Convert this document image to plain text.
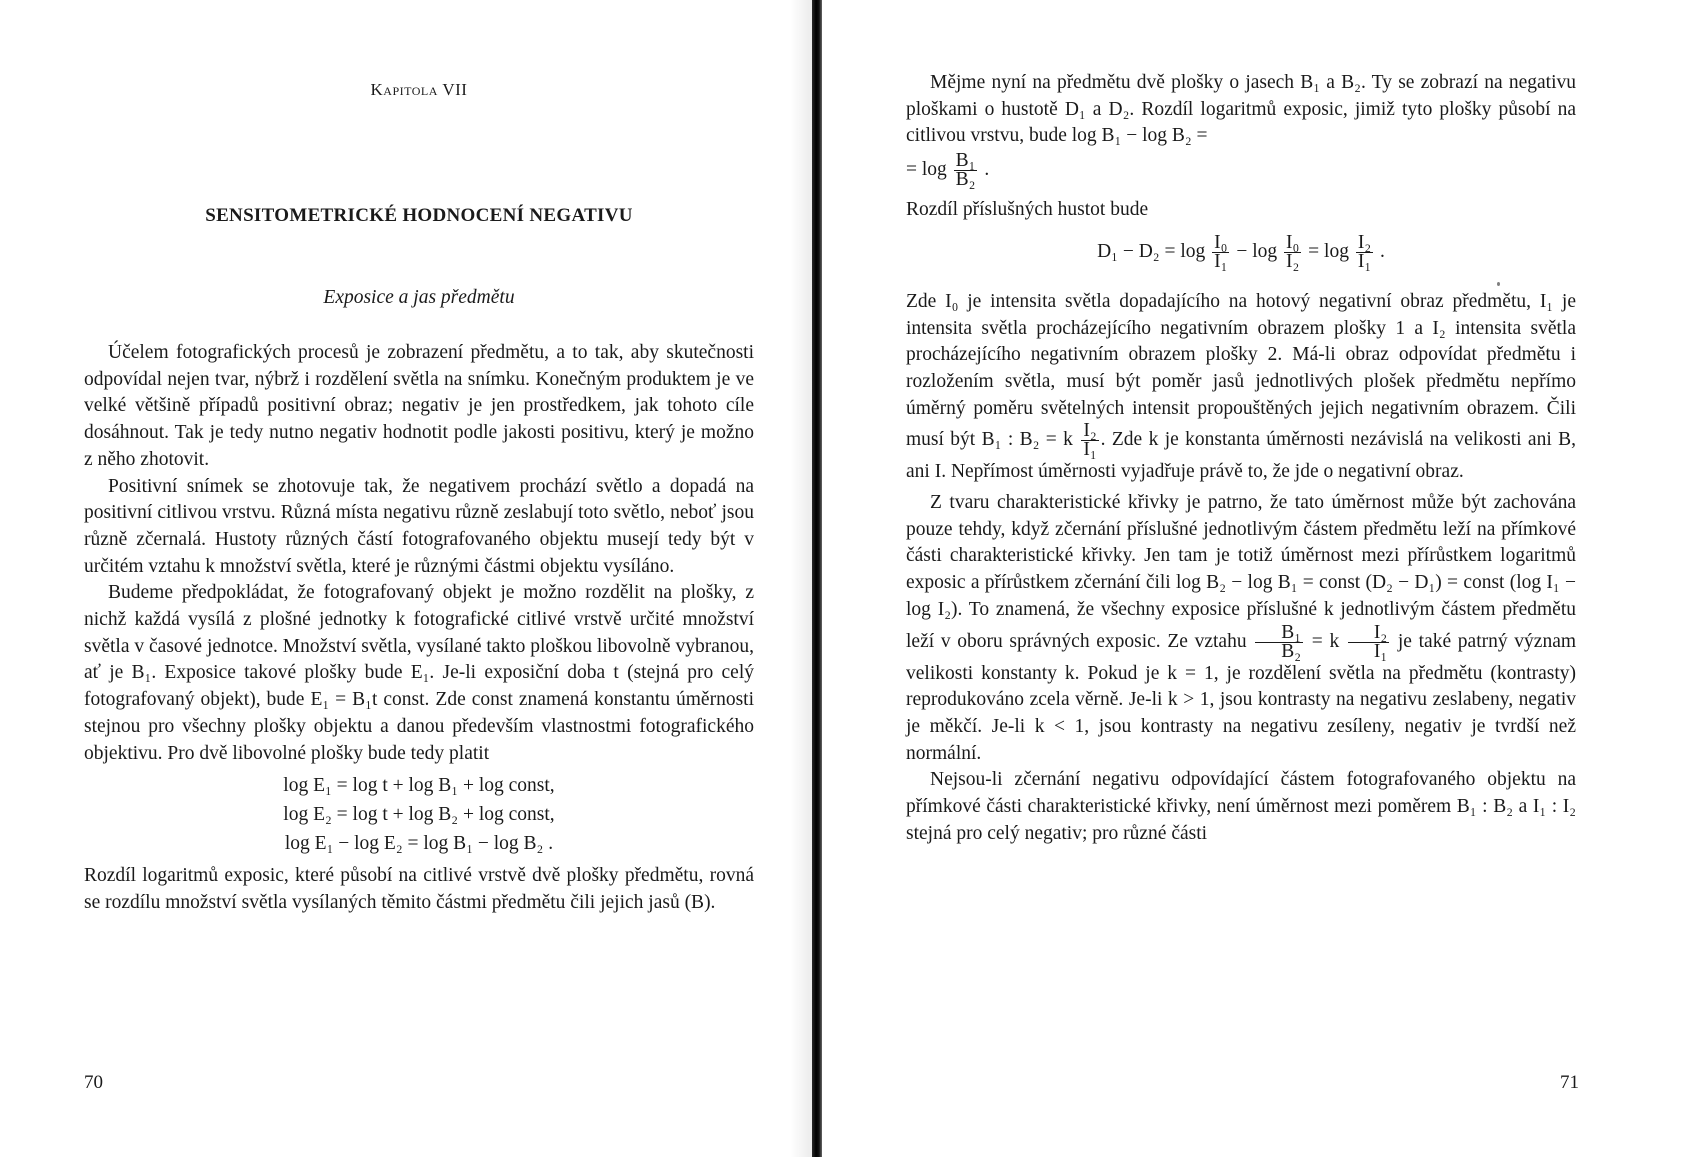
Kapitola VII
SENSITOMETRICKÉ HODNOCENÍ NEGATIVU
Exposice a jas předmětu

Účelem fotografických procesů je zobrazení předmětu, a to tak, aby skutečnosti odpovídal nejen tvar, nýbrž i rozdělení světla na snímku. Konečným produktem je ve velké většině případů positivní obraz; negativ je jen prostředkem, jak tohoto cíle dosáhnout. Tak je tedy nutno negativ hodnotit podle jakosti positivu, který je možno z něho zhotovit.

Positivní snímek se zhotovuje tak, že negativem prochází světlo a dopadá na positivní citlivou vrstvu. Různá místa negativu různě zeslabují toto světlo, neboť jsou různě zčernalá. Hustoty různých částí fotografovaného objektu musejí tedy být v určitém vztahu k množství světla, které je různými částmi objektu vysíláno.

Budeme předpokládat, že fotografovaný objekt je možno rozdělit na plošky, z nichž každá vysílá z plošné jednotky k fotografické citlivé vrstvě určité množství světla v časové jednotce. Množství světla, vysílané takto ploškou libovolně vybranou, ať je B₁. Exposice takové plošky bude E₁. Je-li exposiční doba t (stejná pro celý fotografovaný objekt), bude E₁ = B₁t const. Zde const znamená konstantu úměrnosti stejnou pro všechny plošky objektu a danou především vlastnostmi fotografického objektivu. Pro dvě libovolné plošky bude tedy platit

log E₁ = log t + log B₁ + log const,

log E₂ = log t + log B₂ + log const,

log E₁ − log E₂ = log B₁ − log B₂ .

Rozdíl logaritmů exposic, které působí na citlivé vrstvě dvě plošky předmětu, rovná se rozdílu množství světla vysílaných těmito částmi předmětu čili jejich jasů (B).

70

Mějme nyní na předmětu dvě plošky o jasech B₁ a B₂. Ty se zobrazí na negativu ploškami o hustotě D₁ a D₂. Rozdíl logaritmů exposic, jimiž tyto plošky působí na citlivou vrstvu, bude log B₁ − log B₂ =

= $\log \frac{\text{B₁}}{\text{B₂}}$ .

Rozdíl příslušných hustot bude

$D_1 - D_2 = \log \frac{\text{I₀}}{\text{I₁}} - \log \frac{\text{I₀}}{\text{I₂}} = \log \frac{\text{I₂}}{\text{I₁}}$ .

Zde I₀ je intensita světla dopadajícího na hotový negativní obraz předmětu, I₁ je intensita světla procházejícího negativním obrazem plošky 1 a I₂ intensita světla procházejícího negativním obrazem plošky 2. Má-li obraz odpovídat předmětu i rozložením světla, musí být poměr jasů jednotlivých plošek předmětu nepřímo úměrný poměru světelných intensit propouštěných jejich negativním obrazem. Čili musí být B₁ : B₂ = k $\frac{\text{I₂}}{\text{I₁}}$ . Zde k je konstanta úměrnosti nezávislá na velikosti ani B, ani I. Nepřímost úměrnosti vyjadřuje právě to, že jde o negativní obraz.

Z tvaru charakteristické křivky je patrno, že tato úměrnost může být zachována pouze tehdy, když zčernání příslušné jednotlivým částem předmětu leží na přímkové části charakteristické křivky. Jen tam je totiž úměrnost mezi přírůstkem logaritmů exposic a přírůstkem zčernání čili log B₂ − log B₁ = const (D₂ − D₁) = const (log I₁ − log I₂). To znamená, že všechny exposice příslušné k jednotlivým částem předmětu leží v oboru správných exposic. Ze vztahu $\frac{\text{B₁}}{\text{B₂}} = k \frac{\text{I₂}}{\text{I₁}}$ je také patrný význam velikosti konstanty k. Pokud je k = 1, je rozdělení světla na předmětu (kontrasty) reprodukováno zcela věrně. Je-li k > 1, jsou kontrasty na negativu zeslabeny, negativ je měkčí. Je-li k < 1, jsou kontrasty na negativu zesíleny, negativ je tvrdší než normální.

Nejsou-li zčernání negativu odpovídající částem fotografovaného objektu na přímkové části charakteristické křivky, není úměrnost mezi poměrem B₁ : B₂ a I₁ : I₂ stejná pro celý negativ; pro různé části

71
